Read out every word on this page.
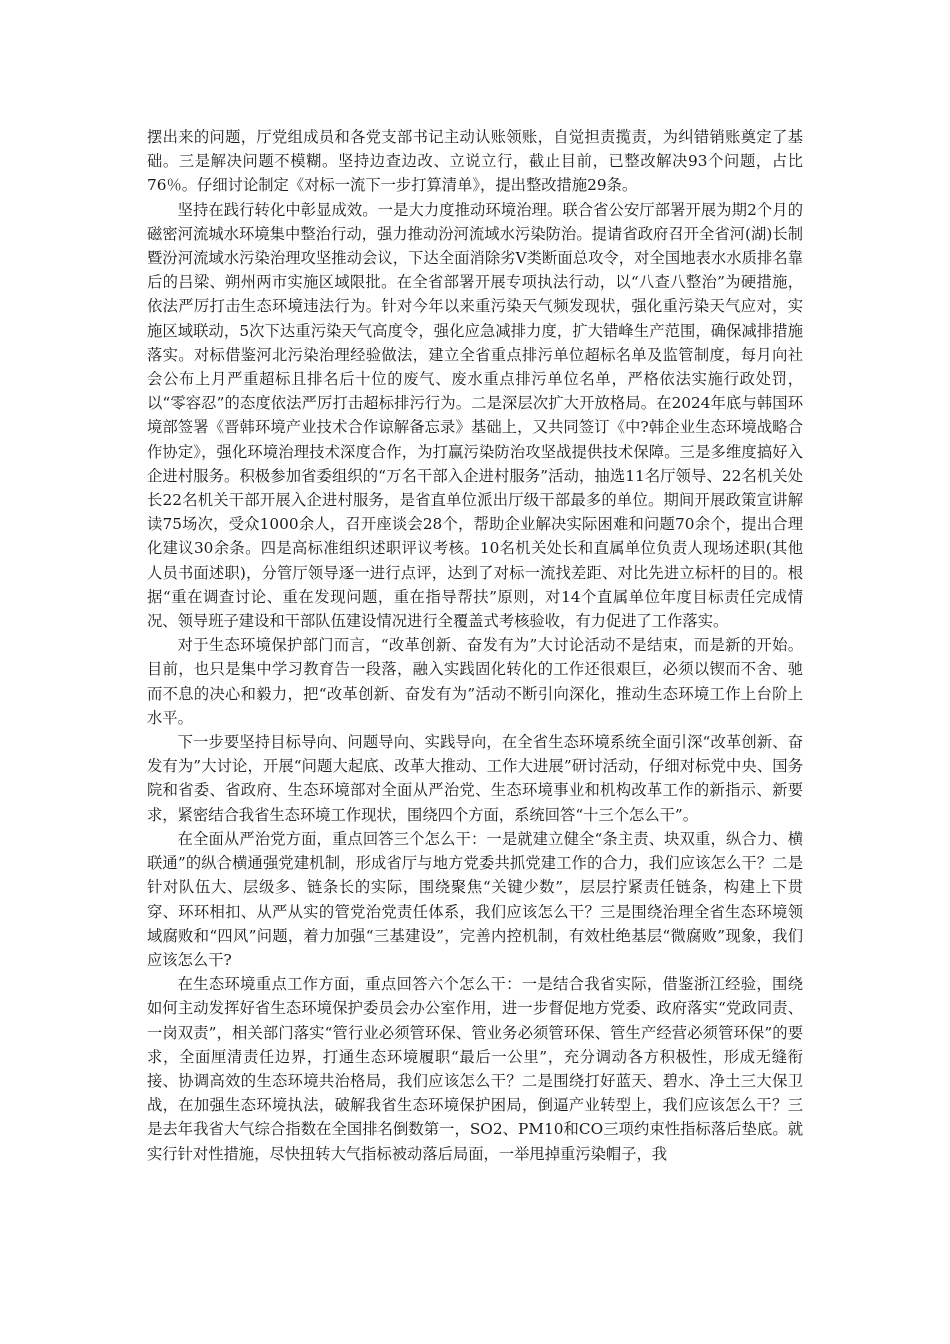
摆出来的问题，厅党组成员和各党支部书记主动认账领账，自觉担责揽责，为纠错销账奠定了基础。三是解决问题不模糊。坚持边查边改、立说立行，截止目前，已整改解决93个问题，占比76％。仔细讨论制定《对标一流下一步打算清单》，提出整改措施29条。

坚持在践行转化中彰显成效。一是大力度推动环境治理。联合省公安厅部署开展为期2个月的磁密河流城水环境集中整治行动，强力推动汾河流域水污染防治。提请省政府召开全省河(湖)长制暨汾河流域水污染治理攻坚推动会议，下达全面消除劣Ⅴ类断面总攻令，对全国地表水水质排名靠后的吕梁、朔州两市实施区域限批。在全省部署开展专项执法行动，以“八查八整治”为硬措施，依法严厉打击生态环境违法行为。针对今年以来重污染天气频发现状，强化重污染天气应对，实施区域联动，5次下达重污染天气高度令，强化应急减排力度，扩大错峰生产范围，确保减排措施落实。对标借鉴河北污染治理经验做法，建立全省重点排污单位超标名单及监管制度，每月向社会公布上月严重超标且排名后十位的废气、废水重点排污单位名单，严格依法实施行政处罚，以“零容忍”的态度依法严厉打击超标排污行为。二是深层次扩大开放格局。在2024年底与韩国环境部签署《晋韩环境产业技术合作谅解备忘录》基础上，又共同签订《中?韩企业生态环境战略合作协定》，强化环境治理技术深度合作，为打赢污染防治攻坚战提供技术保障。三是多维度搞好入企进村服务。积极参加省委组织的“万名干部入企进村服务”活动，抽选11名厅领导、22名机关处长22名机关干部开展入企进村服务，是省直单位派出厅级干部最多的单位。期间开展政策宣讲解读75场次，受众1000余人，召开座谈会28个，帮助企业解决实际困难和问题70余个，提出合理化建议30余条。四是高标准组织述职评议考核。10名机关处长和直属单位负责人现场述职(其他人员书面述职)，分管厅领导逐一进行点评，达到了对标一流找差距、对比先进立标杆的目的。根据“重在调查讨论、重在发现问题，重在指导帮扶”原则，对14个直属单位年度目标责任完成情况、领导班子建设和干部队伍建设情况进行全覆盖式考核验收，有力促进了工作落实。

对于生态环境保护部门而言，“改革创新、奋发有为”大讨论活动不是结束，而是新的开始。目前，也只是集中学习教育告一段落，融入实践固化转化的工作还很艰巨，必须以锲而不舍、驰而不息的决心和毅力，把“改革创新、奋发有为”活动不断引向深化，推动生态环境工作上台阶上水平。

下一步要坚持目标导向、问题导向、实践导向，在全省生态环境系统全面引深“改革创新、奋发有为”大讨论，开展“问题大起底、改革大推动、工作大进展”研讨活动，仔细对标党中央、国务院和省委、省政府、生态环境部对全面从严治党、生态环境事业和机构改革工作的新指示、新要求，紧密结合我省生态环境工作现状，围绕四个方面，系统回答“十三个怎么干”。

在全面从严治党方面，重点回答三个怎么干：一是就建立健全“条主责、块双重，纵合力、横联通”的纵合横通强党建机制，形成省厅与地方党委共抓党建工作的合力，我们应该怎么干？二是针对队伍大、层级多、链条长的实际，围绕聚焦“关键少数”，层层拧紧责任链条，构建上下贯穿、环环相扣、从严从实的管党治党责任体系，我们应该怎么干？三是围绕治理全省生态环境领域腐败和“四风”问题，着力加强“三基建设”，完善内控机制，有效杜绝基层“微腐败”现象，我们应该怎么干?

在生态环境重点工作方面，重点回答六个怎么干：一是结合我省实际，借鉴浙江经验，围绕如何主动发挥好省生态环境保护委员会办公室作用，进一步督促地方党委、政府落实“党政同责、一岗双责”，相关部门落实“管行业必须管环保、管业务必须管环保、管生产经营必须管环保”的要求，全面厘清责任边界，打通生态环境履职“最后一公里”，充分调动各方积极性，形成无缝衔接、协调高效的生态环境共治格局，我们应该怎么干？二是围绕打好蓝天、碧水、净土三大保卫战，在加强生态环境执法，破解我省生态环境保护困局，倒逼产业转型上，我们应该怎么干？三是去年我省大气综合指数在全国排名倒数第一，SO2、PM10和CO三项约束性指标落后垫底。就实行针对性措施，尽快扭转大气指标被动落后局面，一举甩掉重污染帽子，我
